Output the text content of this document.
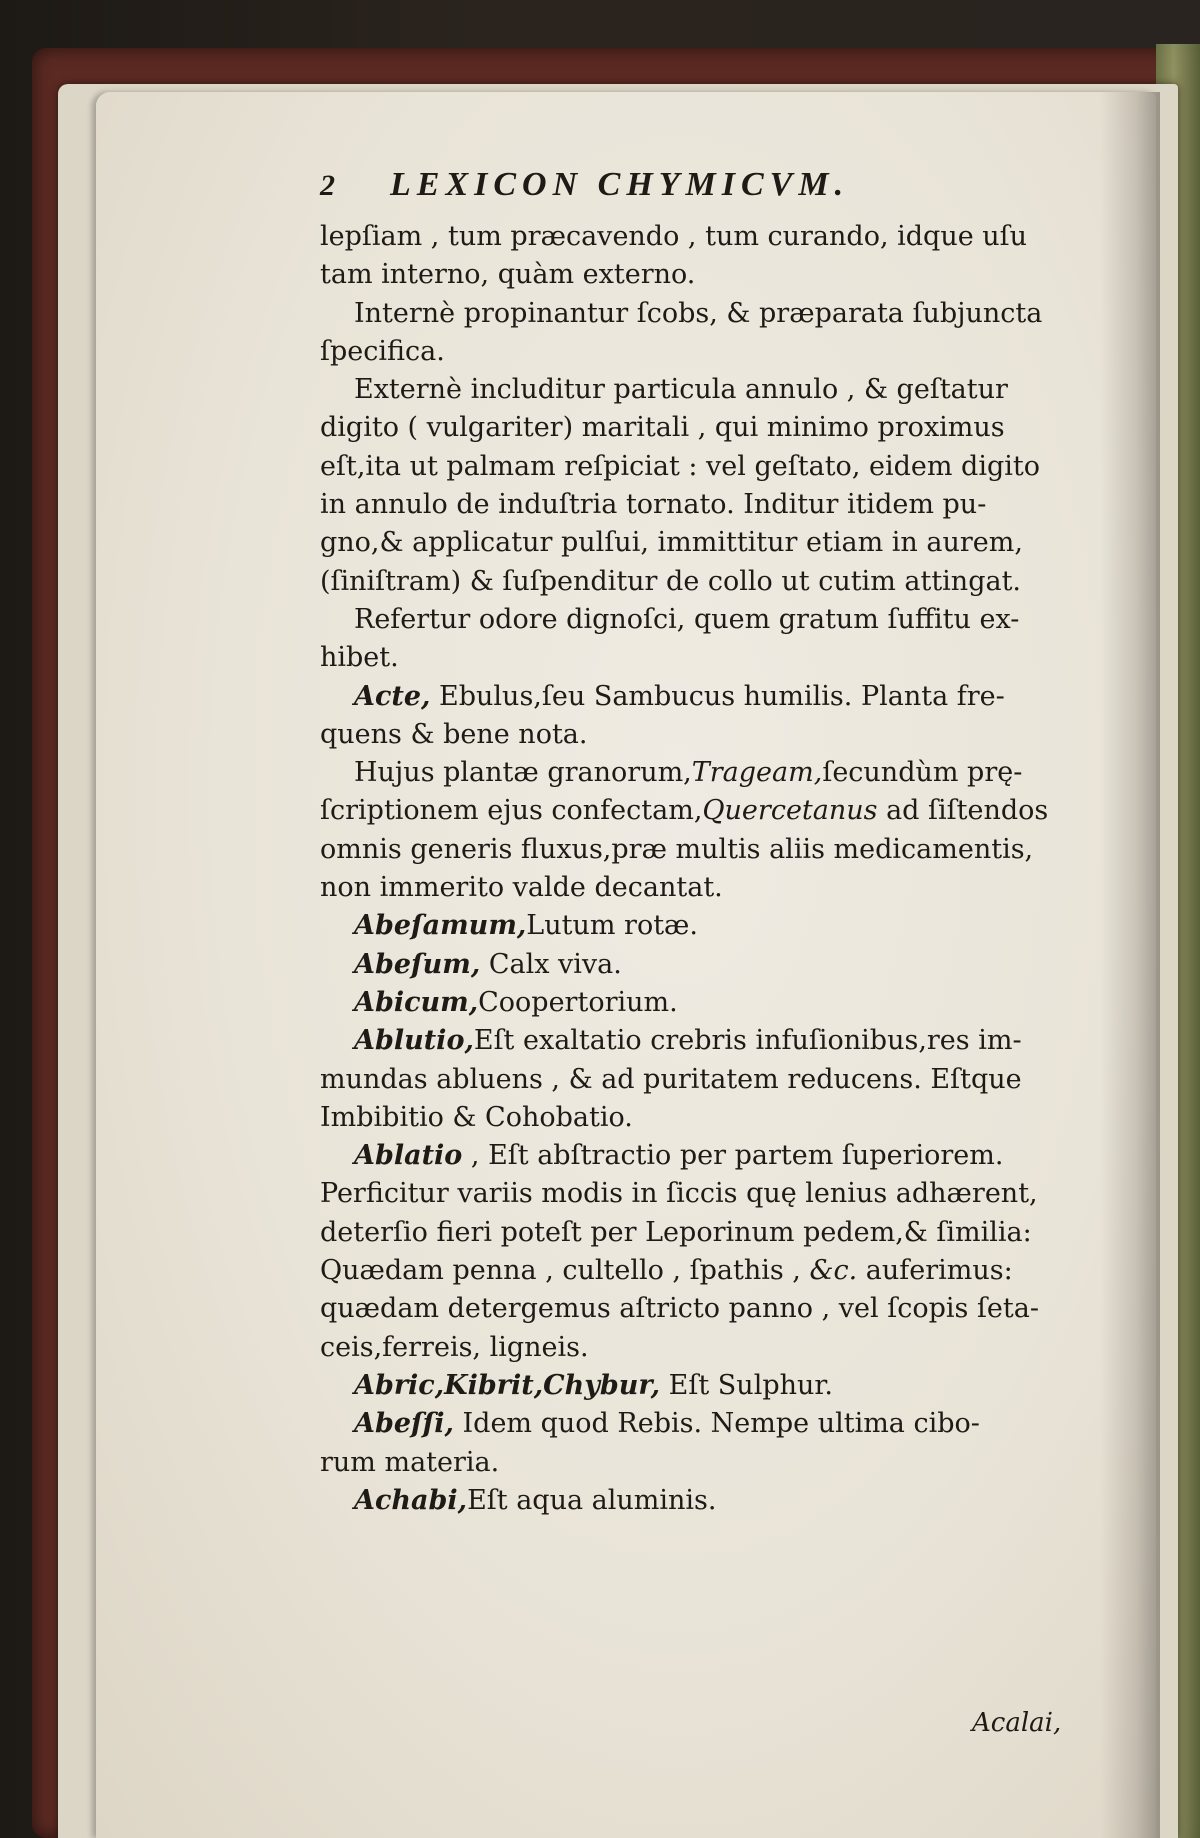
2	LEXICON CHYMICVM.
lepſiam , tum præcavendo , tum curando, idque uſu
tam interno, quàm externo.
Internè propinantur ſcobs, & præparata ſubjuncta
ſpecifica.
Externè includitur particula annulo , & geſtatur
digito ( vulgariter) maritali , qui minimo proximus
eſt,ita ut palmam reſpiciat : vel geſtato, eidem digito
in annulo de induſtria tornato. Inditur itidem pu-
gno,& applicatur pulſui, immittitur etiam in aurem,
(ſiniſtram) & ſuſpenditur de collo ut cutim attingat.
Refertur odore dignoſci, quem gratum ſuffitu ex-
hibet.
Acte, Ebulus,ſeu Sambucus humilis. Planta fre-
quens & bene nota.
Hujus plantæ granorum,Trageam,ſecundùm prę-
ſcriptionem ejus confectam,Quercetanus ad ſiſtendos
omnis generis fluxus,præ multis aliis medicamentis,
non immerito valde decantat.
Abeſamum,Lutum rotæ.
Abeſum, Calx viva.
Abicum,Coopertorium.
Ablutio,Eſt exaltatio crebris infuſionibus,res im-
mundas abluens , & ad puritatem reducens. Eſtque
Imbibitio & Cohobatio.
Ablatio , Eſt abſtractio per partem ſuperiorem.
Perficitur variis modis in ſiccis quę lenius adhærent,
deterſio fieri poteſt per Leporinum pedem,& ſimilia:
Quædam penna , cultello , ſpathis , &c. auferimus:
quædam detergemus aſtricto panno , vel ſcopis ſeta-
ceis,ferreis, ligneis.
Abric,Kibrit,Chybur, Eſt Sulphur.
Abeſſi, Idem quod Rebis. Nempe ultima cibo-
rum materia.
Achabi,Eſt aqua aluminis.
Acalai,
